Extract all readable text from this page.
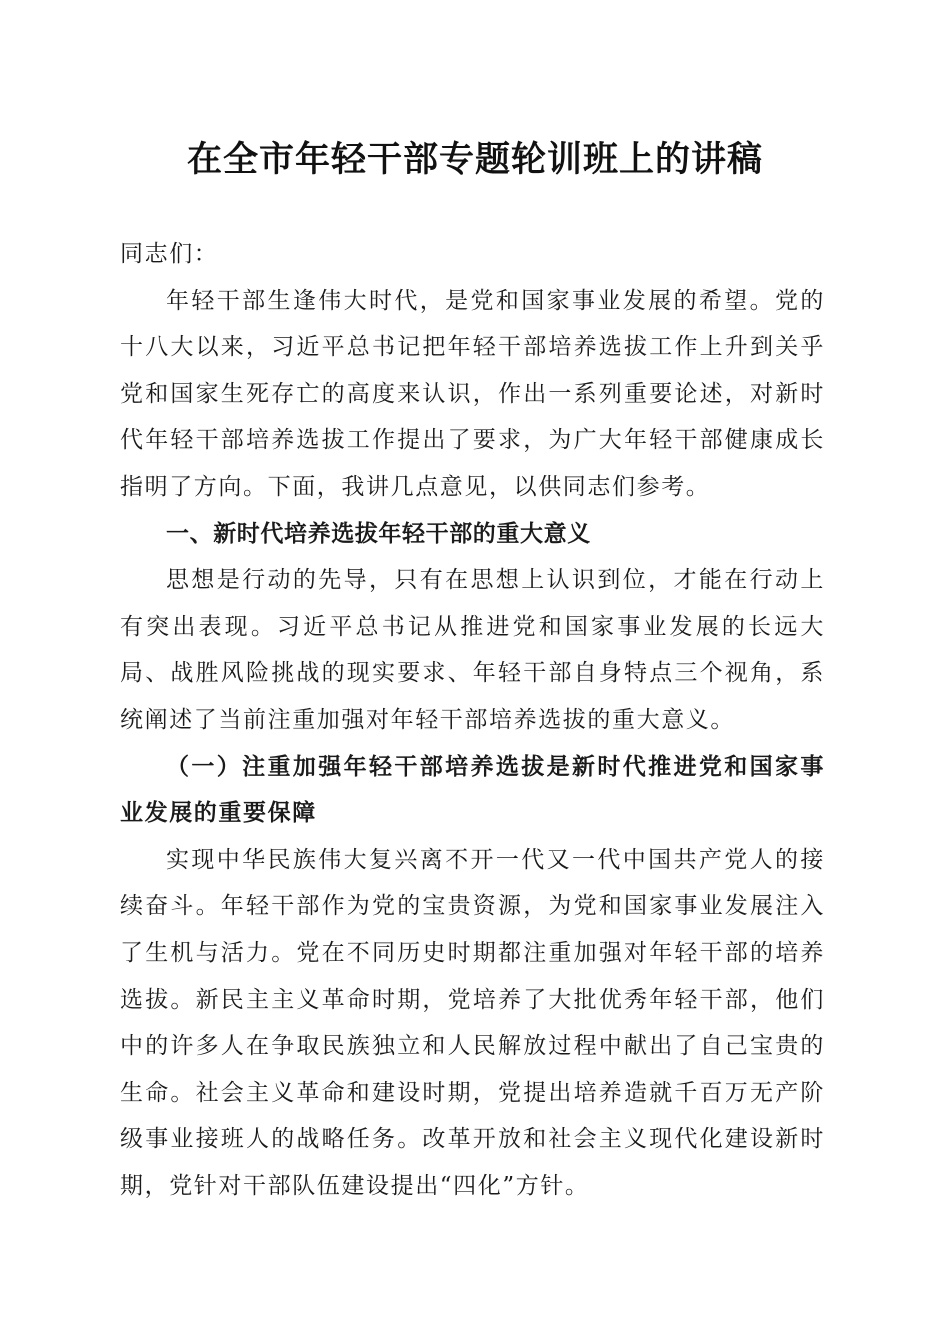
在全市年轻干部专题轮训班上的讲稿

同志们：

年轻干部生逢伟大时代，是党和国家事业发展的希望。党的十八大以来，习近平总书记把年轻干部培养选拔工作上升到关乎党和国家生死存亡的高度来认识，作出一系列重要论述，对新时代年轻干部培养选拔工作提出了要求，为广大年轻干部健康成长指明了方向。下面，我讲几点意见，以供同志们参考。

一、新时代培养选拔年轻干部的重大意义

思想是行动的先导，只有在思想上认识到位，才能在行动上有突出表现。习近平总书记从推进党和国家事业发展的长远大局、战胜风险挑战的现实要求、年轻干部自身特点三个视角，系统阐述了当前注重加强对年轻干部培养选拔的重大意义。

（一）注重加强年轻干部培养选拔是新时代推进党和国家事业发展的重要保障

实现中华民族伟大复兴离不开一代又一代中国共产党人的接续奋斗。年轻干部作为党的宝贵资源，为党和国家事业发展注入了生机与活力。党在不同历史时期都注重加强对年轻干部的培养选拔。新民主主义革命时期，党培养了大批优秀年轻干部，他们中的许多人在争取民族独立和人民解放过程中献出了自己宝贵的生命。社会主义革命和建设时期，党提出培养造就千百万无产阶级事业接班人的战略任务。改革开放和社会主义现代化建设新时期，党针对干部队伍建设提出“四化”方针。
